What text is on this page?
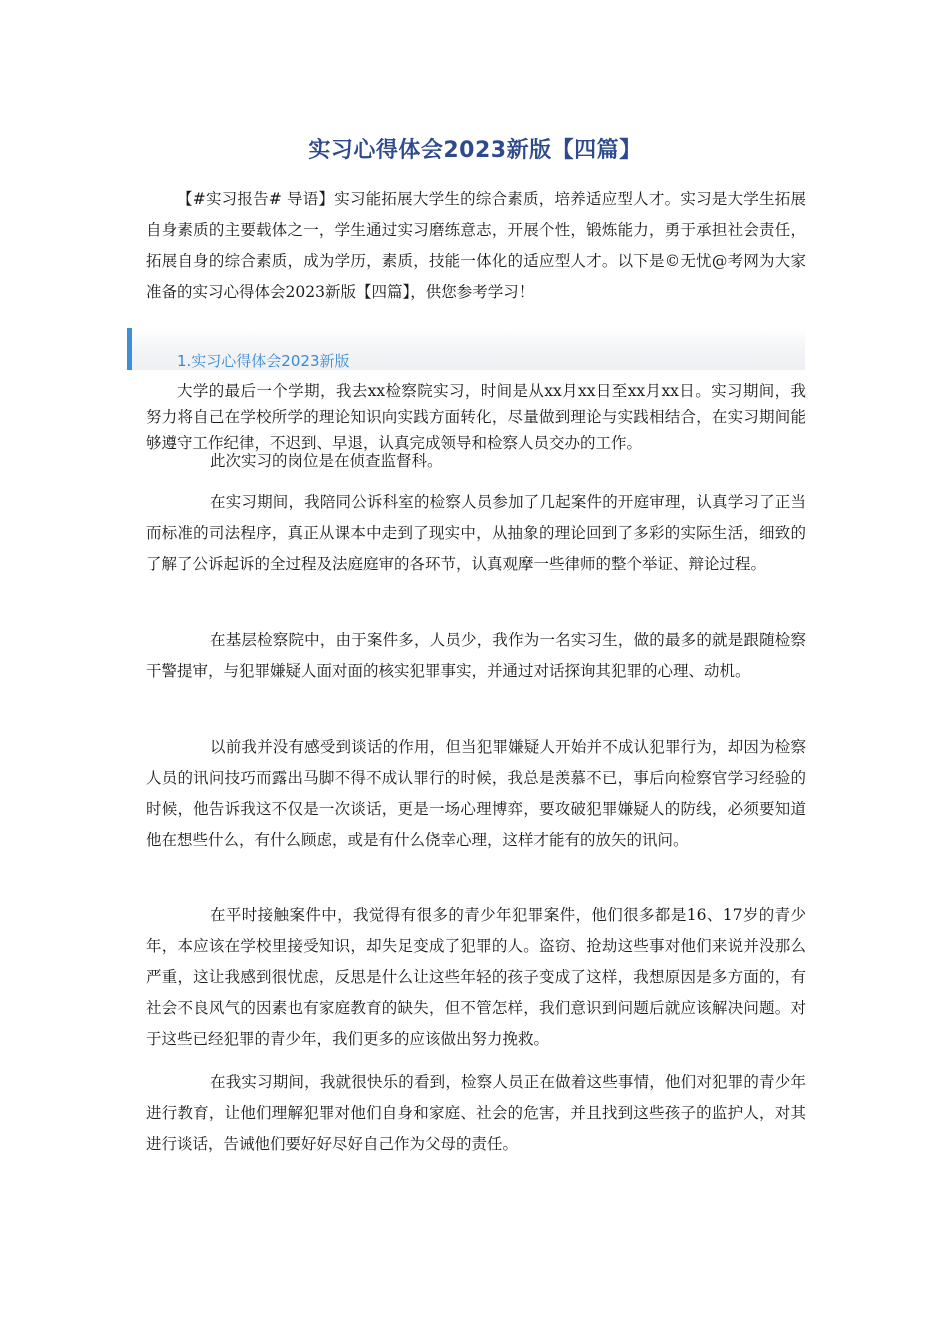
实习心得体会2023新版【四篇】

【#实习报告# 导语】实习能拓展大学生的综合素质，培养适应型人才。实习是大学生拓展自身素质的主要载体之一，学生通过实习磨练意志，开展个性，锻炼能力，勇于承担社会责任，拓展自身的综合素质，成为学历，素质，技能一体化的适应型人才。以下是©无忧@考网为大家准备的实习心得体会2023新版【四篇】，供您参考学习！

1.实习心得体会2023新版

大学的最后一个学期，我去xx检察院实习，时间是从xx月xx日至xx月xx日。实习期间，我努力将自己在学校所学的理论知识向实践方面转化，尽量做到理论与实践相结合，在实习期间能够遵守工作纪律，不迟到、早退，认真完成领导和检察人员交办的工作。

此次实习的岗位是在侦查监督科。

在实习期间，我陪同公诉科室的检察人员参加了几起案件的开庭审理，认真学习了正当而标准的司法程序，真正从课本中走到了现实中，从抽象的理论回到了多彩的实际生活，细致的了解了公诉起诉的全过程及法庭庭审的各环节，认真观摩一些律师的整个举证、辩论过程。

在基层检察院中，由于案件多，人员少，我作为一名实习生，做的最多的就是跟随检察干警提审，与犯罪嫌疑人面对面的核实犯罪事实，并通过对话探询其犯罪的心理、动机。

以前我并没有感受到谈话的作用，但当犯罪嫌疑人开始并不成认犯罪行为，却因为检察人员的讯问技巧而露出马脚不得不成认罪行的时候，我总是羡慕不已，事后向检察官学习经验的时候，他告诉我这不仅是一次谈话，更是一场心理博弈，要攻破犯罪嫌疑人的防线，必须要知道他在想些什么，有什么顾虑，或是有什么侥幸心理，这样才能有的放矢的讯问。

在平时接触案件中，我觉得有很多的青少年犯罪案件，他们很多都是16、17岁的青少年，本应该在学校里接受知识，却失足变成了犯罪的人。盗窃、抢劫这些事对他们来说并没那么严重，这让我感到很忧虑，反思是什么让这些年轻的孩子变成了这样，我想原因是多方面的，有社会不良风气的因素也有家庭教育的缺失，但不管怎样，我们意识到问题后就应该解决问题。对于这些已经犯罪的青少年，我们更多的应该做出努力挽救。

在我实习期间，我就很快乐的看到，检察人员正在做着这些事情，他们对犯罪的青少年进行教育，让他们理解犯罪对他们自身和家庭、社会的危害，并且找到这些孩子的监护人，对其进行谈话，告诫他们要好好尽好自己作为父母的责任。
